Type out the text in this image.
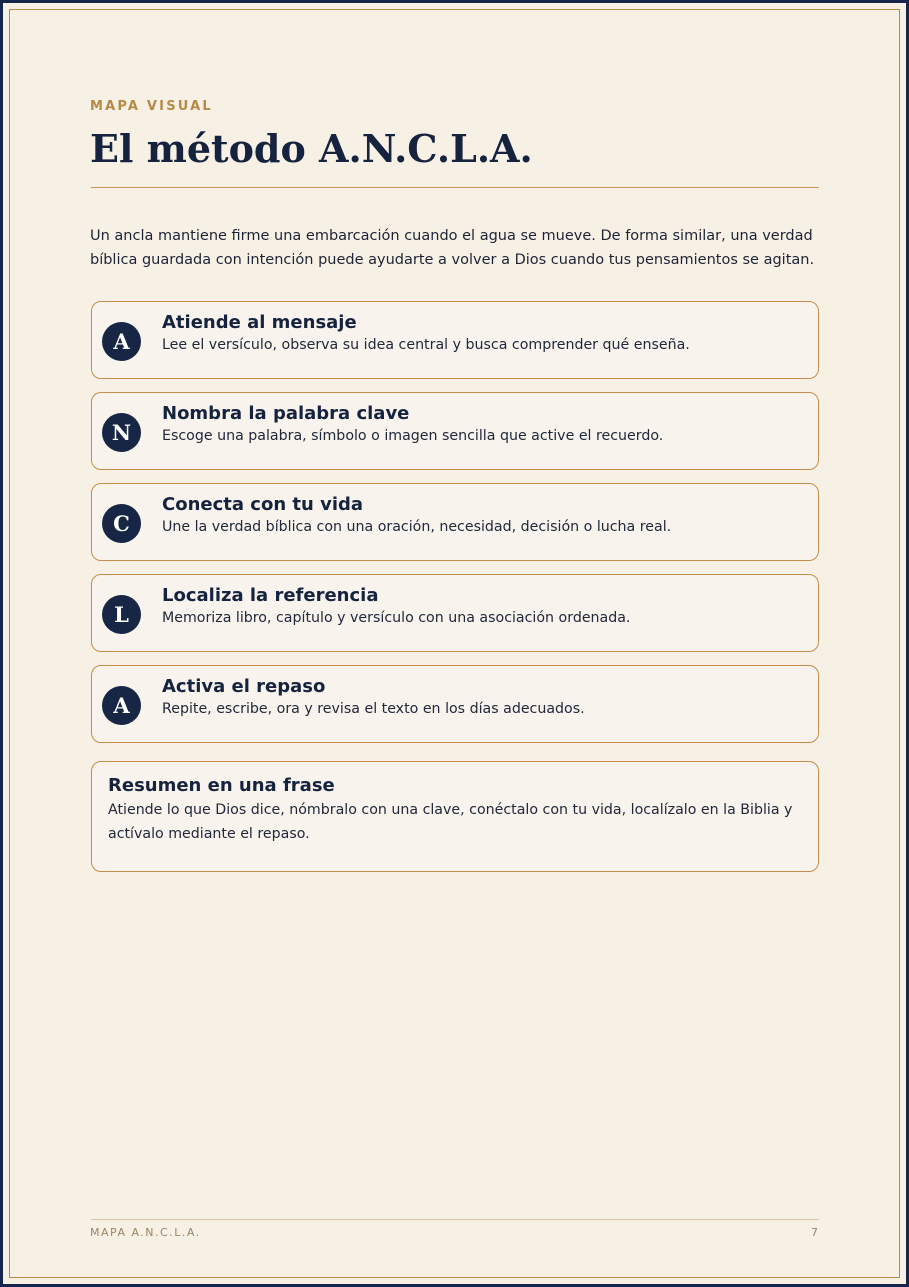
MAPA VISUAL
El método A.N.C.L.A.

Un ancla mantiene firme una embarcación cuando el agua se mueve. De forma similar, una verdad bíblica guardada con intención puede ayudarte a volver a Dios cuando tus pensamientos se agitan.

A
Atiende al mensaje
Lee el versículo, observa su idea central y busca comprender qué enseña.
N
Nombra la palabra clave
Escoge una palabra, símbolo o imagen sencilla que active el recuerdo.
C
Conecta con tu vida
Une la verdad bíblica con una oración, necesidad, decisión o lucha real.
L
Localiza la referencia
Memoriza libro, capítulo y versículo con una asociación ordenada.
A
Activa el repaso
Repite, escribe, ora y revisa el texto en los días adecuados.
Resumen en una frase
Atiende lo que Dios dice, nómbralo con una clave, conéctalo con tu vida, localízalo en la Biblia y actívalo mediante el repaso.
MAPA A.N.C.L.A.	7
